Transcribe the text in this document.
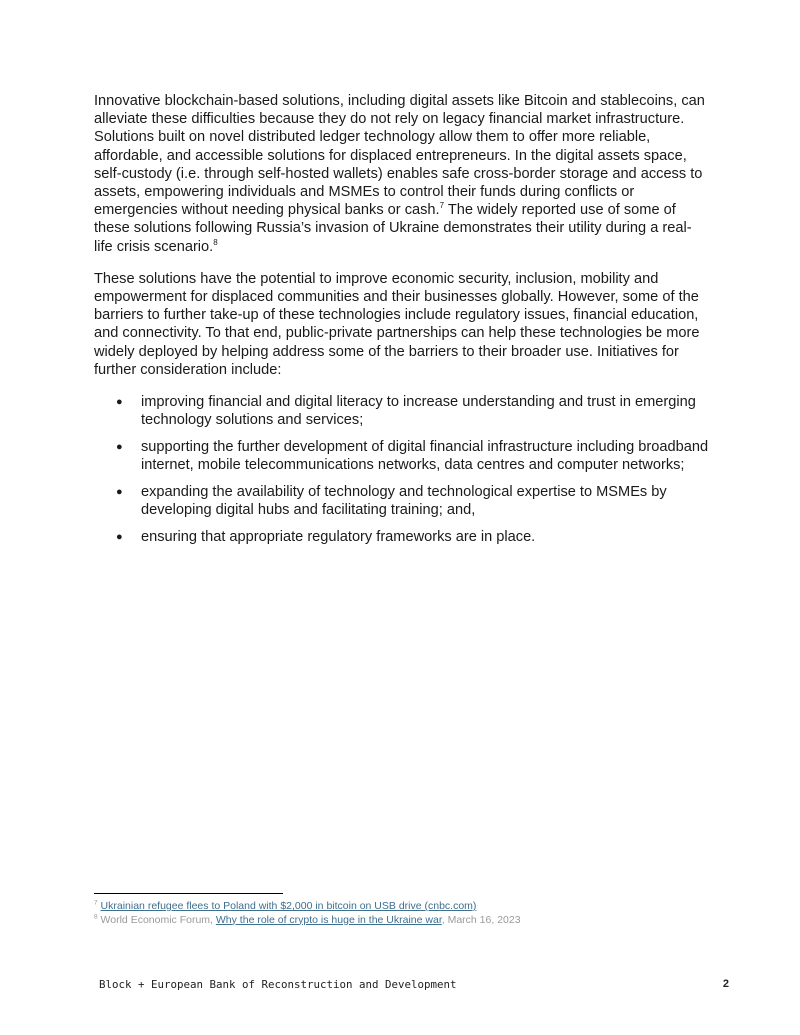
Innovative blockchain-based solutions, including digital assets like Bitcoin and stablecoins, can alleviate these difficulties because they do not rely on legacy financial market infrastructure. Solutions built on novel distributed ledger technology allow them to offer more reliable, affordable, and accessible solutions for displaced entrepreneurs. In the digital assets space, self-custody (i.e. through self-hosted wallets) enables safe cross-border storage and access to assets, empowering individuals and MSMEs to control their funds during conflicts or emergencies without needing physical banks or cash.$^7$ The widely reported use of some of these solutions following Russia’s invasion of Ukraine demonstrates their utility during a real-life crisis scenario.$^8$

These solutions have the potential to improve economic security, inclusion, mobility and empowerment for displaced communities and their businesses globally. However, some of the barriers to further take-up of these technologies include regulatory issues, financial education, and connectivity. To that end, public-private partnerships can help these technologies be more widely deployed by helping address some of the barriers to their broader use. Initiatives for further consideration include:

● improving financial and digital literacy to increase understanding and trust in emerging technology solutions and services;
● supporting the further development of digital financial infrastructure including broadband internet, mobile telecommunications networks, data centres and computer networks;
● expanding the availability of technology and technological expertise to MSMEs by developing digital hubs and facilitating training; and,
● ensuring that appropriate regulatory frameworks are in place.
$^7$ Ukrainian refugee flees to Poland with $2,000 in bitcoin on USB drive (cnbc.com)
$^8$ World Economic Forum, Why the role of crypto is huge in the Ukraine war, March 16, 2023
Block + European Bank of Reconstruction and Development	2
